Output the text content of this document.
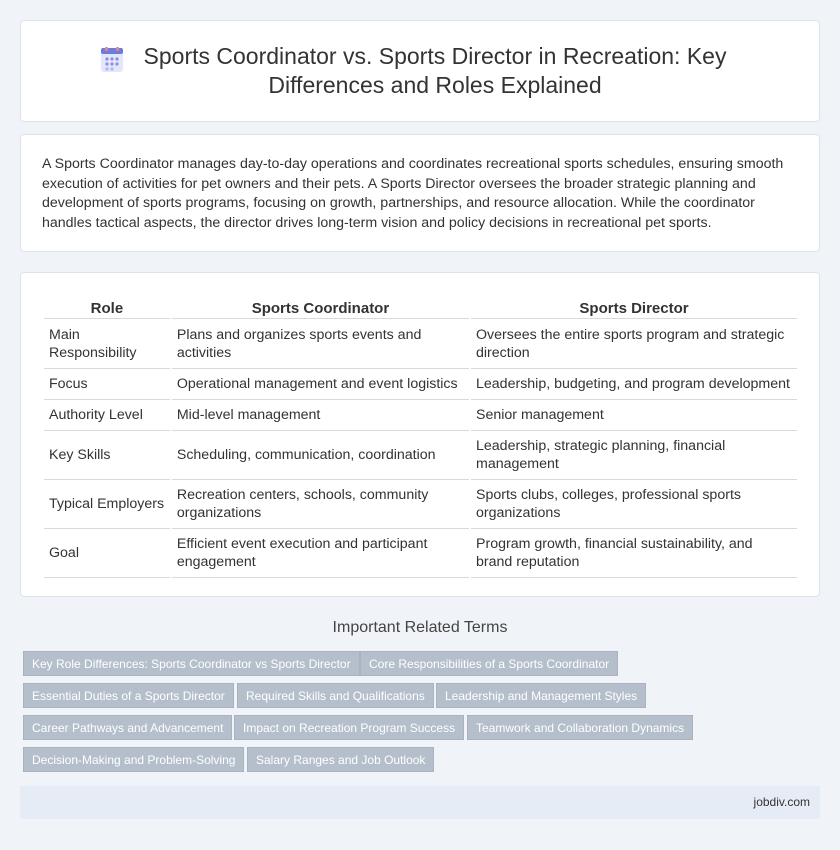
Sports Coordinator vs. Sports Director in Recreation: Key Differences and Roles Explained

A Sports Coordinator manages day-to-day operations and coordinates recreational sports schedules, ensuring smooth execution of activities for pet owners and their pets. A Sports Director oversees the broader strategic planning and development of sports programs, focusing on growth, partnerships, and resource allocation. While the coordinator handles tactical aspects, the director drives long-term vision and policy decisions in recreational pet sports.

Role	Sports Coordinator	Sports Director
Main Responsibility	Plans and organizes sports events and activities	Oversees the entire sports program and strategic direction
Focus	Operational management and event logistics	Leadership, budgeting, and program development
Authority Level	Mid-level management	Senior management
Key Skills	Scheduling, communication, coordination	Leadership, strategic planning, financial management
Typical Employers	Recreation centers, schools, community organizations	Sports clubs, colleges, professional sports organizations
Goal	Efficient event execution and participant engagement	Program growth, financial sustainability, and brand reputation
Important Related Terms
Key Role Differences: Sports Coordinator vs Sports Director	Core Responsibilities of a Sports Coordinator
Essential Duties of a Sports Director	Required Skills and Qualifications	Leadership and Management Styles
Career Pathways and Advancement	Impact on Recreation Program Success	Teamwork and Collaboration Dynamics
Decision-Making and Problem-Solving	Salary Ranges and Job Outlook
jobdiv.com
